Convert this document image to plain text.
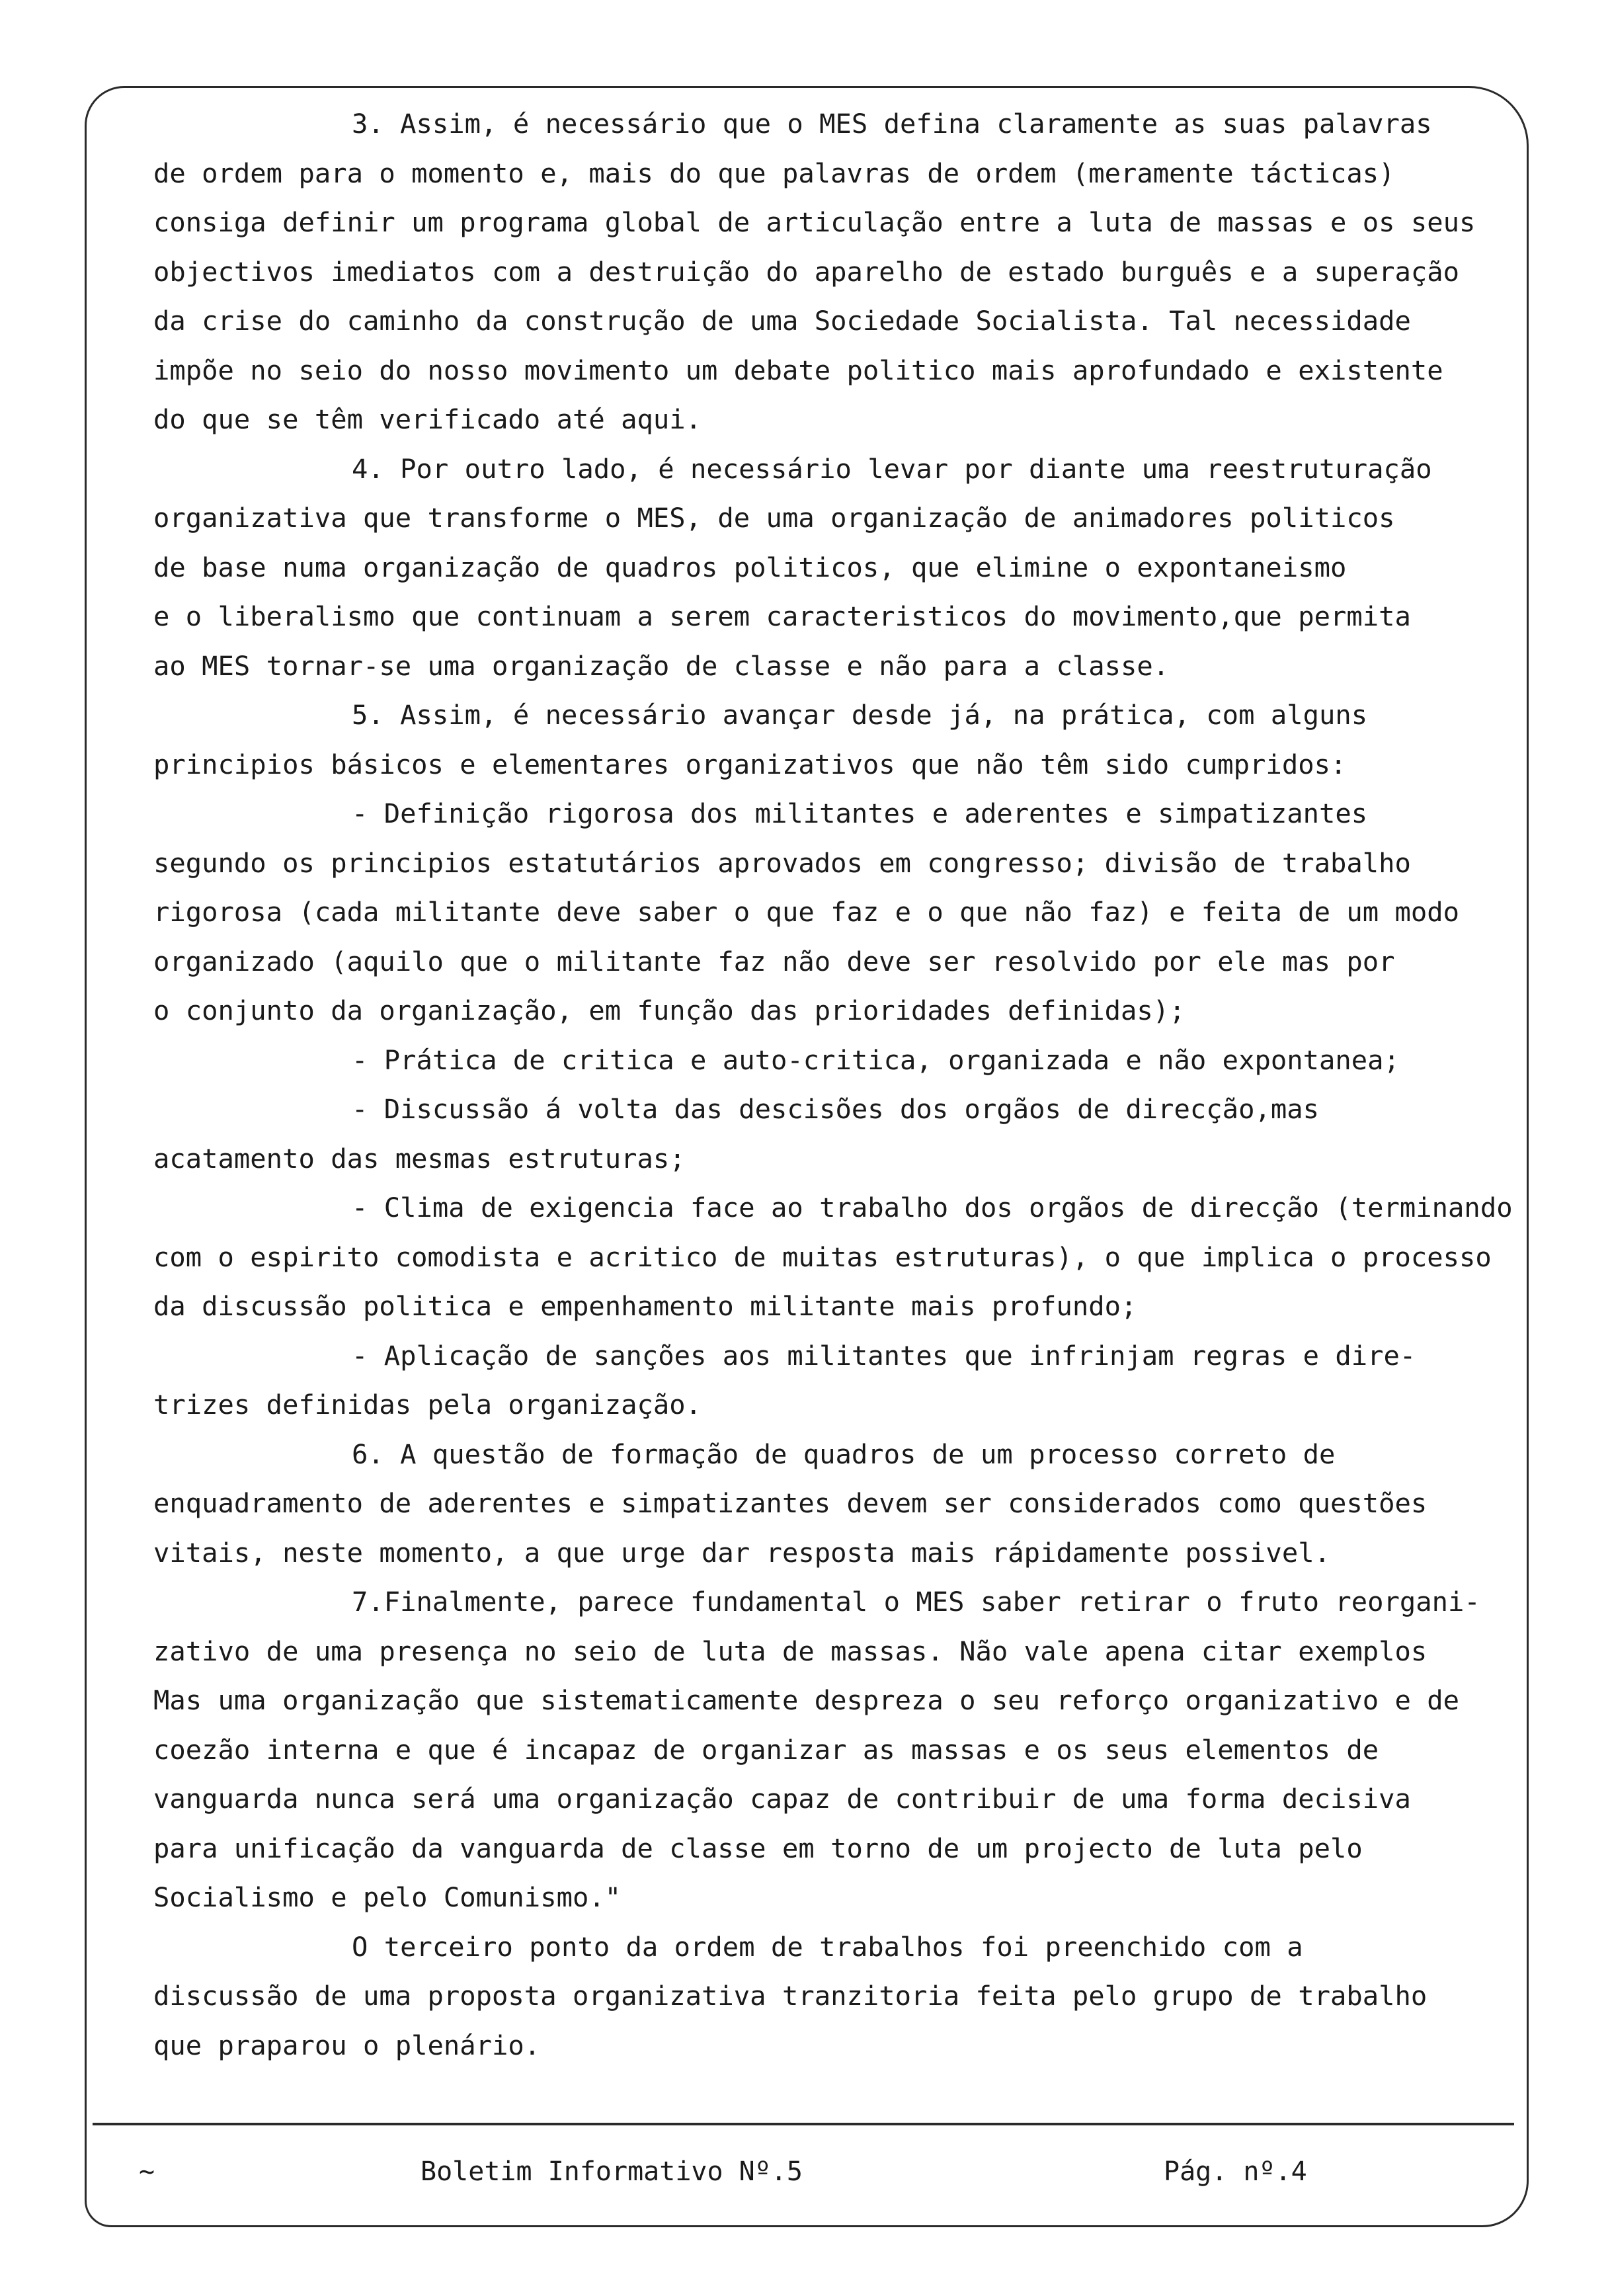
3. Assim, é necessário que o MES defina claramente as suas palavras
de ordem para o momento e, mais do que palavras de ordem (meramente tácticas)
consiga definir um programa global de articulação entre a luta de massas e os seus
objectivos imediatos com a destruição do aparelho de estado burguês e a superação
da crise do caminho da construção de uma Sociedade Socialista. Tal necessidade
impõe no seio do nosso movimento um debate politico mais aprofundado e existente
do que se têm verificado até aqui.
4. Por outro lado, é necessário levar por diante uma reestruturação
organizativa que transforme o MES, de uma organização de animadores politicos
de base numa organização de quadros politicos, que elimine o expontaneismo
e o liberalismo que continuam a serem caracteristicos do movimento,que permita
ao MES tornar-se uma organização de classe e não para a classe.
5. Assim, é necessário avançar desde já, na prática, com alguns
principios básicos e elementares organizativos que não têm sido cumpridos:
- Definição rigorosa dos militantes e aderentes e simpatizantes
segundo os principios estatutários aprovados em congresso; divisão de trabalho
rigorosa (cada militante deve saber o que faz e o que não faz) e feita de um modo
organizado (aquilo que o militante faz não deve ser resolvido por ele mas por
o conjunto da organização, em função das prioridades definidas);
- Prática de critica e auto-critica, organizada e não expontanea;
- Discussão á volta das descisões dos orgãos de direcção,mas
acatamento das mesmas estruturas;
- Clima de exigencia face ao trabalho dos orgãos de direcção (terminando
com o espirito comodista e acritico de muitas estruturas), o que implica o processo
da discussão politica e empenhamento militante mais profundo;
- Aplicação de sanções aos militantes que infrinjam regras e dire-
trizes definidas pela organização.
6. A questão de formação de quadros de um processo correto de
enquadramento de aderentes e simpatizantes devem ser considerados como questões
vitais, neste momento, a que urge dar resposta mais rápidamente possivel.
7.Finalmente, parece fundamental o MES saber retirar o fruto reorgani-
zativo de uma presença no seio de luta de massas. Não vale apena citar exemplos
Mas uma organização que sistematicamente despreza o seu reforço organizativo e de
coezão interna e que é incapaz de organizar as massas e os seus elementos de
vanguarda nunca será uma organização capaz de contribuir de uma forma decisiva
para unificação da vanguarda de classe em torno de um projecto de luta pelo
Socialismo e pelo Comunismo."
O terceiro ponto da ordem de trabalhos foi preenchido com a
discussão de uma proposta organizativa tranzitoria feita pelo grupo de trabalho
que praparou o plenário.
~	Boletim Informativo Nº.5	Pág. nº.4
